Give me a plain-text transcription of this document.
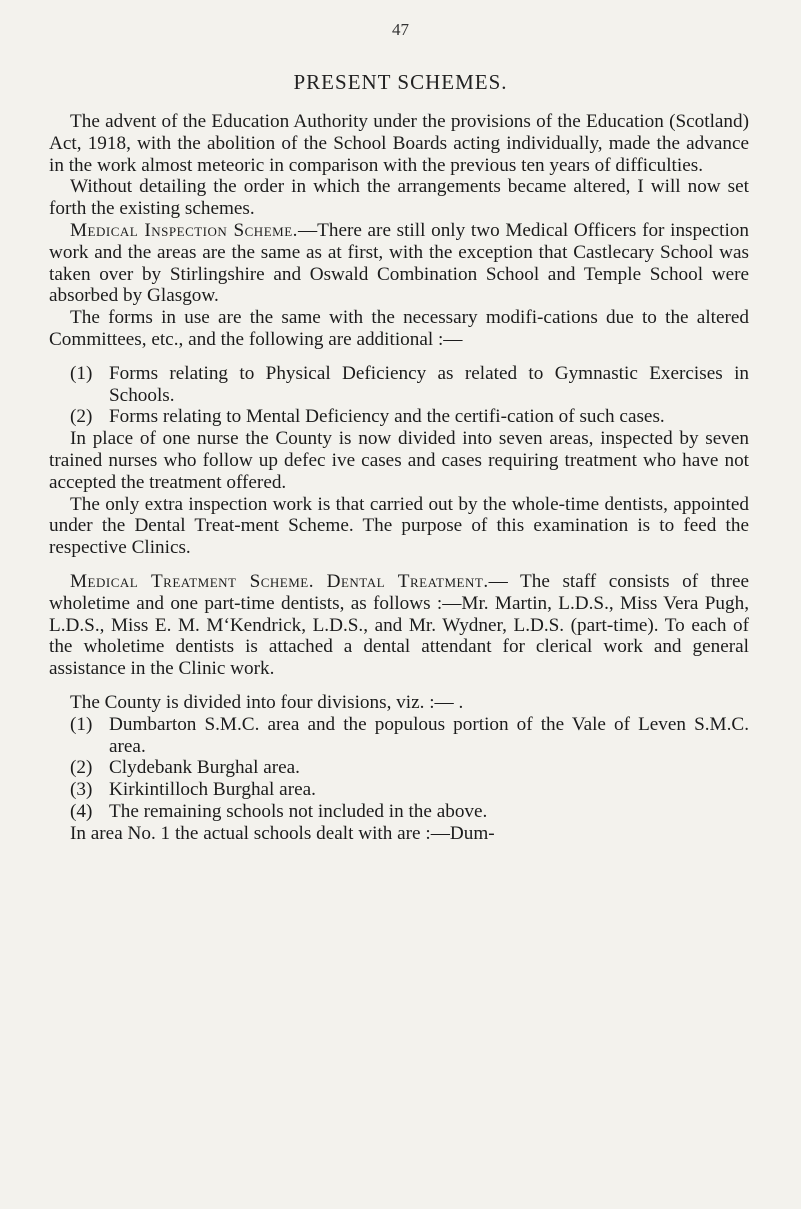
47
PRESENT SCHEMES.

The advent of the Education Authority under the provisions of the Education (Scotland) Act, 1918, with the abolition of the School Boards acting individually, made the advance in the work almost meteoric in comparison with the previous ten years of difficulties.

Without detailing the order in which the arrangements became altered, I will now set forth the existing schemes.

Medical Inspection Scheme.—There are still only two Medical Officers for inspection work and the areas are the same as at first, with the exception that Castlecary School was taken over by Stirlingshire and Oswald Combination School and Temple School were absorbed by Glasgow.

The forms in use are the same with the necessary modifi-cations due to the altered Committees, etc., and the following are additional :—

(1) Forms relating to Physical Deficiency as related to Gymnastic Exercises in Schools.
(2) Forms relating to Mental Deficiency and the certifi-cation of such cases.

In place of one nurse the County is now divided into seven areas, inspected by seven trained nurses who follow up defec ive cases and cases requiring treatment who have not accepted the treatment offered.

The only extra inspection work is that carried out by the whole-time dentists, appointed under the Dental Treat-ment Scheme. The purpose of this examination is to feed the respective Clinics.

Medical Treatment Scheme. Dental Treatment.— The staff consists of three wholetime and one part-time dentists, as follows :—Mr. Martin, L.D.S., Miss Vera Pugh, L.D.S., Miss E. M. M‘Kendrick, L.D.S., and Mr. Wydner, L.D.S. (part-time). To each of the wholetime dentists is attached a dental attendant for clerical work and general assistance in the Clinic work.

The County is divided into four divisions, viz. :— .

(1) Dumbarton S.M.C. area and the populous portion of the Vale of Leven S.M.C. area.
(2) Clydebank Burghal area.
(3) Kirkintilloch Burghal area.
(4) The remaining schools not included in the above.

In area No. 1 the actual schools dealt with are :—Dum-
